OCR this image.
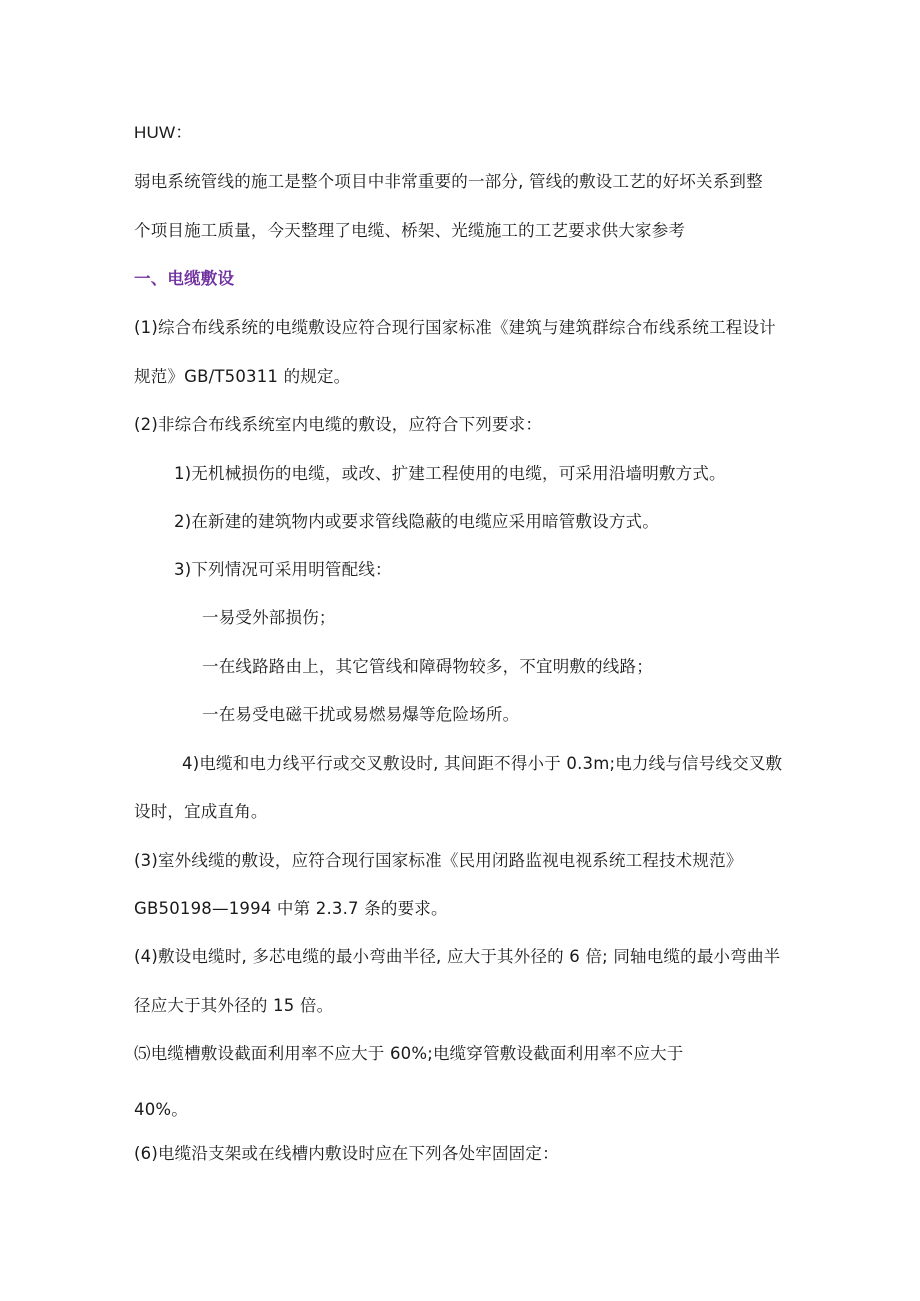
ΗUW：
弱电系统管线的施工是整个项目中非常重要的一部分, 管线的敷设工艺的好坏关系到整
个项目施工质量，今天整理了电缆、桥架、光缆施工的工艺要求供大家参考
一、电缆敷设
(1)综合布线系统的电缆敷设应符合现行国家标准《建筑与建筑群综合布线系统工程设计
规范》GB/T50311 的规定。
(2)非综合布线系统室内电缆的敷设，应符合下列要求：
1)无机械损伤的电缆，或改、扩建工程使用的电缆，可采用沿墙明敷方式。
2)在新建的建筑物内或要求管线隐蔽的电缆应采用暗管敷设方式。
3)下列情况可采用明管配线：
一易受外部损伤；
一在线路路由上，其它管线和障碍物较多，不宜明敷的线路；
一在易受电磁干扰或易燃易爆等危险场所。
4)电缆和电力线平行或交叉敷设时, 其间距不得小于 0.3m;电力线与信号线交叉敷
设时，宜成直角。
(3)室外线缆的敷设，应符合现行国家标准《民用闭路监视电视系统工程技术规范》
GB50198—1994 中第 2.3.7 条的要求。
(4)敷设电缆时, 多芯电缆的最小弯曲半径, 应大于其外径的 6 倍; 同轴电缆的最小弯曲半
径应大于其外径的 15 倍。
⑸电缆槽敷设截面利用率不应大于 60%;电缆穿管敷设截面利用率不应大于
40%。
(6)电缆沿支架或在线槽内敷设时应在下列各处牢固固定：
